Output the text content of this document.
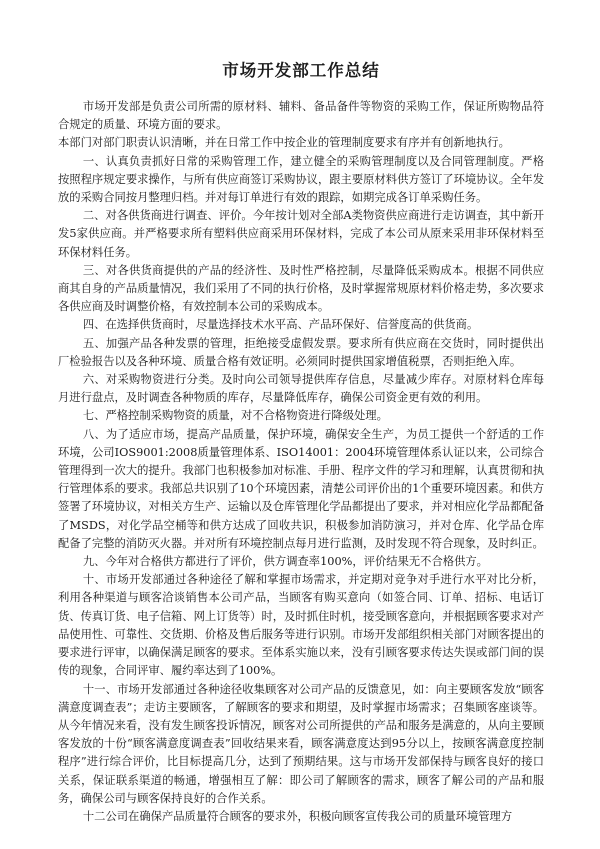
市场开发部工作总结

市场开发部是负责公司所需的原材料、辅料、备品备件等物资的采购工作，保证所购物品符合规定的质量、环境方面的要求。

本部门对部门职责认识清晰，并在日常工作中按企业的管理制度要求有序并有创新地执行。

一、认真负责抓好日常的采购管理工作，建立健全的采购管理制度以及合同管理制度。严格按照程序规定要求操作，与所有供应商签订采购协议，跟主要原材料供方签订了环境协议。全年发放的采购合同按月整理归档。并对每订单进行有效的跟踪，如期完成各订单采购任务。

二、对各供货商进行调查、评价。今年按计划对全部A类物资供应商进行走访调查，其中新开发5家供应商。并严格要求所有塑料供应商采用环保材料，完成了本公司从原来采用非环保材料至环保材料任务。

三、对各供货商提供的产品的经济性、及时性严格控制，尽量降低采购成本。根据不同供应商其自身的产品质量情况，我们采用了不同的执行价格，及时掌握常规原材料价格走势，多次要求各供应商及时调整价格，有效控制本公司的采购成本。

四、在选择供货商时，尽量选择技术水平高、产品环保好、信誉度高的供货商。

五、加强产品各种发票的管理，拒绝接受虚假发票。要求所有供应商在交货时，同时提供出厂检验报告以及各种环境、质量合格有效证明。必须同时提供国家增值税票，否则拒绝入库。

六、对采购物资进行分类。及时向公司领导提供库存信息，尽量减少库存。对原材料仓库每月进行盘点，及时调查各种物质的库存，尽量降低库存，确保公司资金更有效的利用。

七、严格控制采购物资的质量，对不合格物资进行降级处理。

八、为了适应市场，提高产品质量，保护环境，确保安全生产，为员工提供一个舒适的工作环境，公司IOS9001:2008质量管理体系、ISO14001：2004环境管理体系认证以来，公司综合管理得到一次大的提升。我部门也积极参加对标准、手册、程序文件的学习和理解，认真贯彻和执行管理体系的要求。我部总共识别了10个环境因素，清楚公司评价出的1个重要环境因素。和供方签署了环境协议，对相关方生产、运输以及仓库管理化学品都提出了要求，并对相应化学品都配备了MSDS，对化学品空桶等和供方达成了回收共识，积极参加消防演习，并对仓库、化学品仓库配备了完整的消防灭火器。并对所有环境控制点每月进行监测，及时发现不符合现象，及时纠正。

九、今年对合格供方都进行了评价，供方调查率100%，评价结果无不合格供方。

十、市场开发部通过各种途径了解和掌握市场需求，并定期对竞争对手进行水平对比分析，利用各种渠道与顾客洽谈销售本公司产品，当顾客有购买意向（如签合同、订单、招标、电话订货、传真订货、电子信箱、网上订货等）时，及时抓住时机，接受顾客意向，并根据顾客要求对产品使用性、可靠性、交货期、价格及售后服务等进行识别。市场开发部组织相关部门对顾客提出的要求进行评审，以确保满足顾客的要求。至体系实施以来，没有引顾客要求传达失误或部门间的误传的现象，合同评审、履约率达到了100%。

十一、市场开发部通过各种途径收集顾客对公司产品的反馈意见，如：向主要顾客发放“顾客满意度调查表”；走访主要顾客，了解顾客的要求和期望，及时掌握市场需求；召集顾客座谈等。从今年情况来看，没有发生顾客投诉情况，顾客对公司所提供的产品和服务是满意的，从向主要顾客发放的十份“顾客满意度调查表”回收结果来看，顾客满意度达到95分以上，按顾客满意度控制程序”进行综合评价，比目标提高几分，达到了预期结果。这与市场开发部保持与顾客良好的接口关系，保证联系渠道的畅通，增强相互了解：即公司了解顾客的需求，顾客了解公司的产品和服务，确保公司与顾客保持良好的合作关系。

十二公司在确保产品质量符合顾客的要求外，积极向顾客宣传我公司的质量环境管理方
